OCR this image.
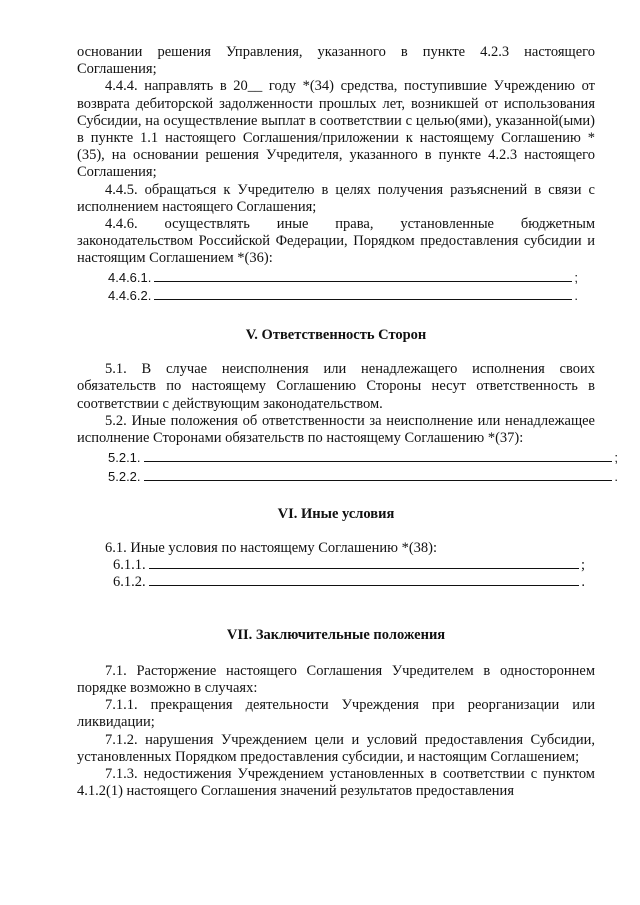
основании решения Управления, указанного в пункте 4.2.3 настоящего Соглашения;

4.4.4. направлять в 20__ году *(34) средства, поступившие Учреждению от возврата дебиторской задолженности прошлых лет, возникшей от использования Субсидии, на осуществление выплат в соответствии с целью(ями), указанной(ыми) в пункте 1.1 настоящего Соглашения/приложении к настоящему Соглашению *(35), на основании решения Учредителя, указанного в пункте 4.2.3 настоящего Соглашения;

4.4.5. обращаться к Учредителю в целях получения разъяснений в связи с исполнением настоящего Соглашения;

4.4.6. осуществлять иные права, установленные бюджетным законодательством Российской Федерации, Порядком предоставления субсидии и настоящим Соглашением *(36):

4.4.6.1.	;
4.4.6.2.	.
V. Ответственность Сторон

5.1. В случае неисполнения или ненадлежащего исполнения своих обязательств по настоящему Соглашению Стороны несут ответственность в соответствии с действующим законодательством.

5.2. Иные положения об ответственности за неисполнение или ненадлежащее исполнение Сторонами обязательств по настоящему Соглашению *(37):

5.2.1.	;
5.2.2.	.
VI. Иные условия

6.1. Иные условия по настоящему Соглашению *(38):

6.1.1.	;
6.1.2.	.
VII. Заключительные положения

7.1. Расторжение настоящего Соглашения Учредителем в одностороннем порядке возможно в случаях:

7.1.1. прекращения деятельности Учреждения при реорганизации или ликвидации;

7.1.2. нарушения Учреждением цели и условий предоставления Субсидии, установленных Порядком предоставления субсидии, и настоящим Соглашением;

7.1.3. недостижения Учреждением установленных в соответствии с пунктом 4.1.2(1) настоящего Соглашения значений результатов предоставления
